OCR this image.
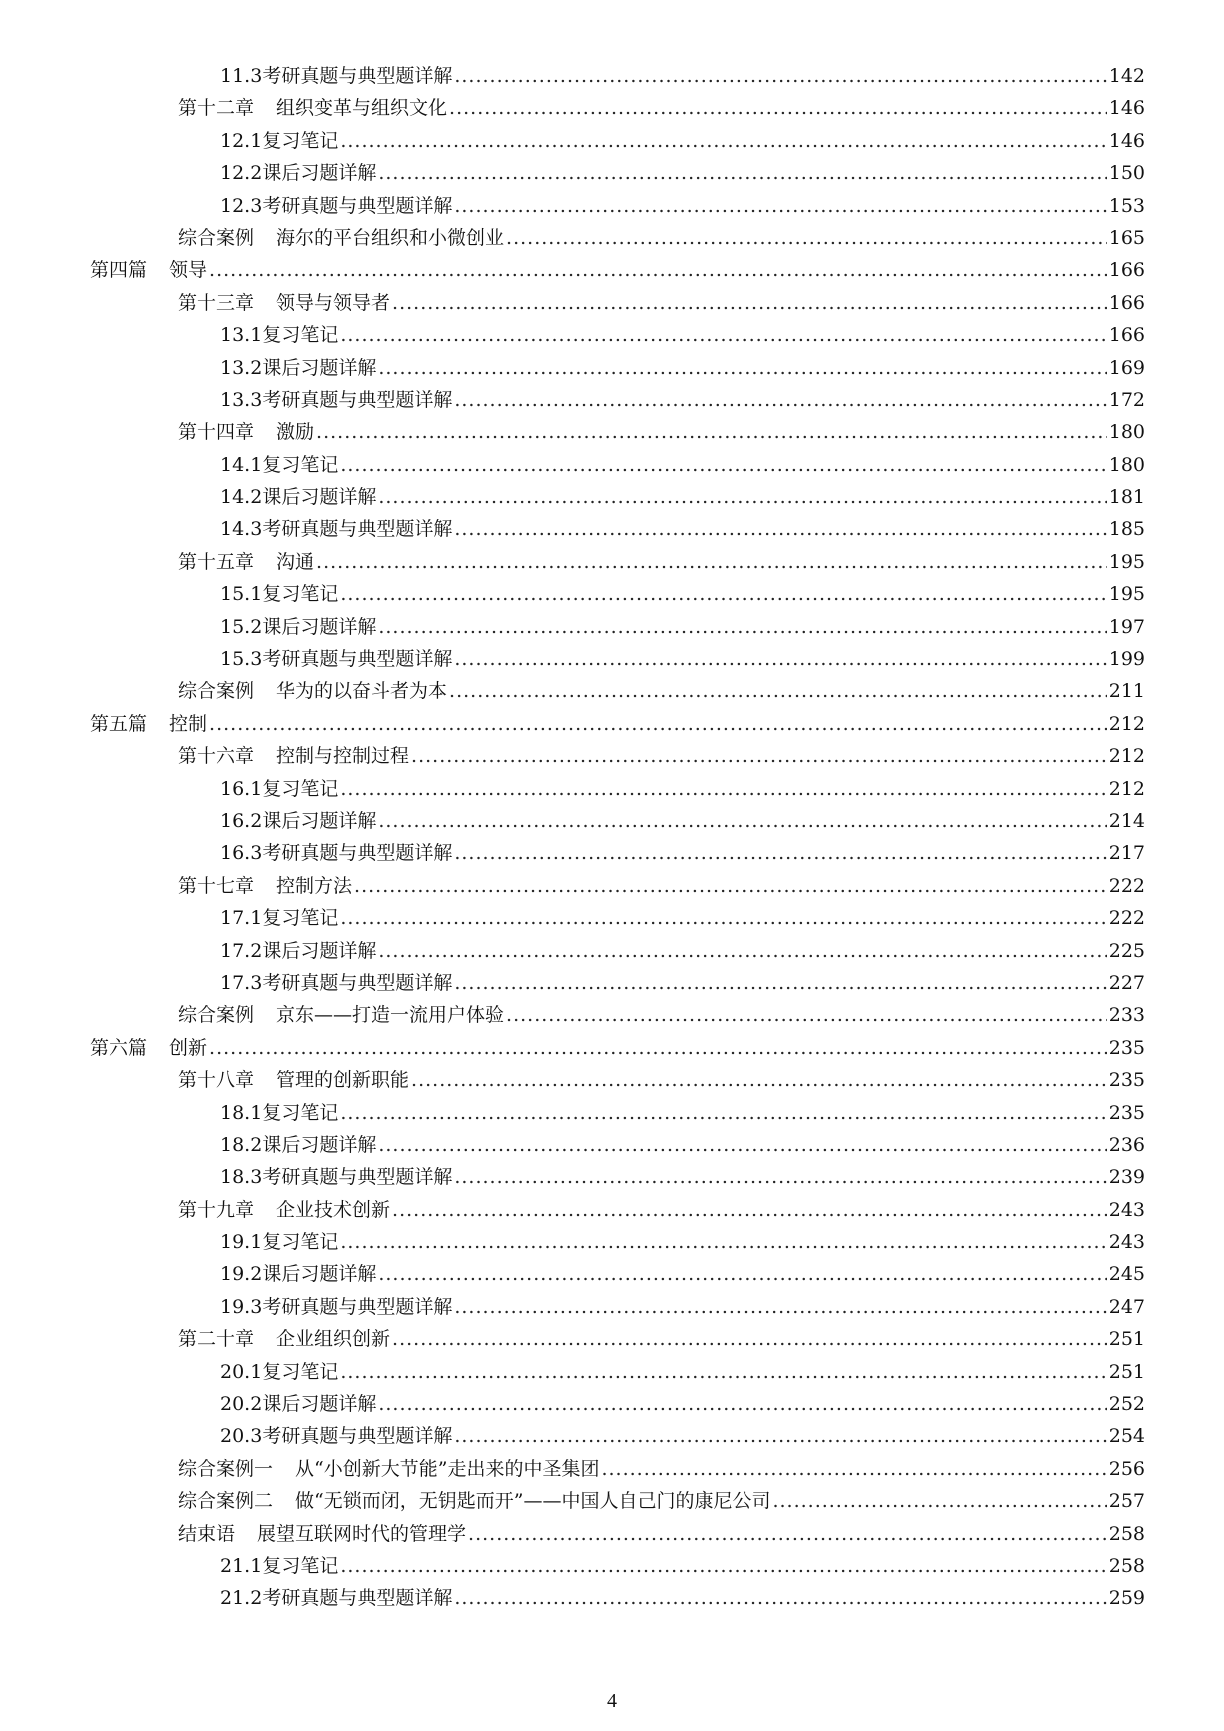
11.3 考研真题与典型题详解 .....	142
第十二章 组织变革与组织文化 .....	146
12.1 复习笔记 .....	146
12.2 课后习题详解 .....	150
12.3 考研真题与典型题详解 .....	153
综合案例 海尔的平台组织和小微创业 .....	165
第四篇 领导 .....	166
第十三章 领导与领导者 .....	166
13.1 复习笔记 .....	166
13.2 课后习题详解 .....	169
13.3 考研真题与典型题详解 .....	172
第十四章 激励 .....	180
14.1 复习笔记 .....	180
14.2 课后习题详解 .....	181
14.3 考研真题与典型题详解 .....	185
第十五章 沟通 .....	195
15.1 复习笔记 .....	195
15.2 课后习题详解 .....	197
15.3 考研真题与典型题详解 .....	199
综合案例 华为的以奋斗者为本 .....	211
第五篇 控制 .....	212
第十六章 控制与控制过程 .....	212
16.1 复习笔记 .....	212
16.2 课后习题详解 .....	214
16.3 考研真题与典型题详解 .....	217
第十七章 控制方法 .....	222
17.1 复习笔记 .....	222
17.2 课后习题详解 .....	225
17.3 考研真题与典型题详解 .....	227
综合案例 京东——打造一流用户体验 .....	233
第六篇 创新 .....	235
第十八章 管理的创新职能 .....	235
18.1 复习笔记 .....	235
18.2 课后习题详解 .....	236
18.3 考研真题与典型题详解 .....	239
第十九章 企业技术创新 .....	243
19.1 复习笔记 .....	243
19.2 课后习题详解 .....	245
19.3 考研真题与典型题详解 .....	247
第二十章 企业组织创新 .....	251
20.1 复习笔记 .....	251
20.2 课后习题详解 .....	252
20.3 考研真题与典型题详解 .....	254
综合案例一 从“小创新大节能”走出来的中圣集团 .....	256
综合案例二 做“无锁而闭，无钥匙而开”——中国人自己门的康尼公司 .....	257
结束语 展望互联网时代的管理学 .....	258
21.1 复习笔记 .....	258
21.2 考研真题与典型题详解 .....	259
4
